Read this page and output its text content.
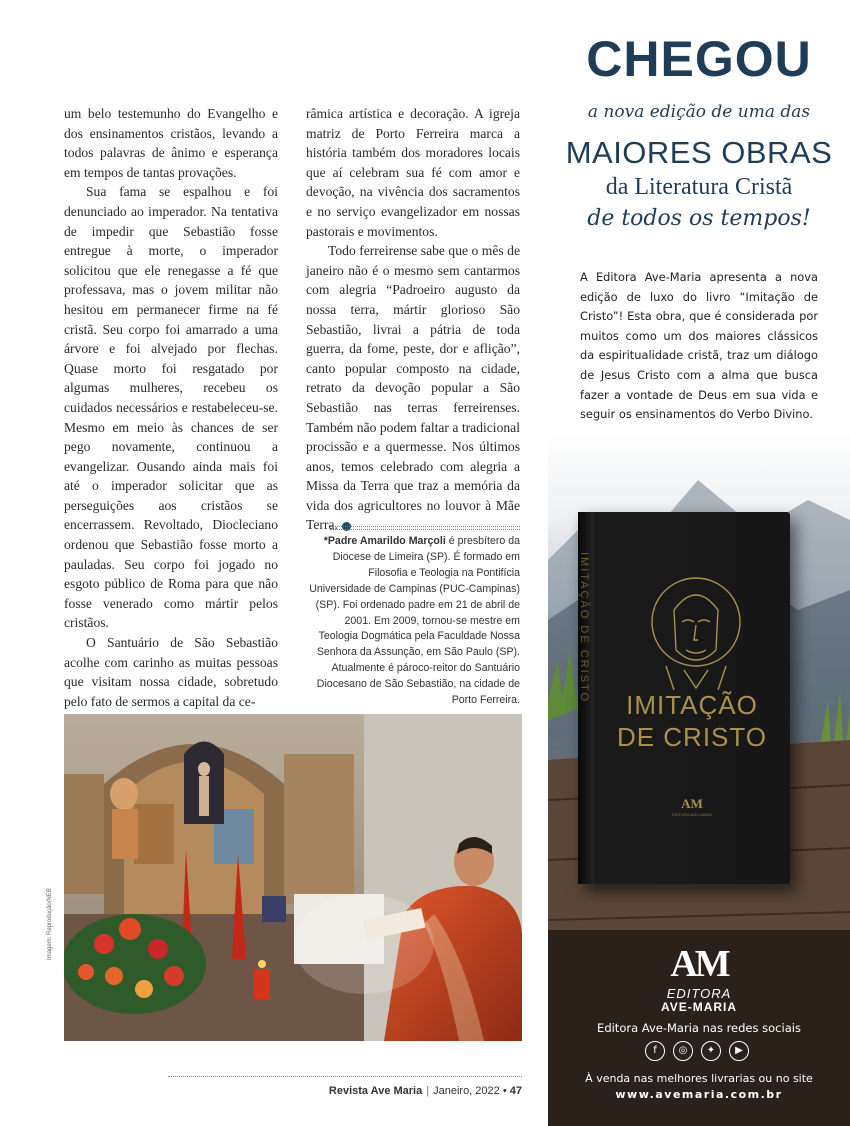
um belo testemunho do Evangelho e dos ensinamentos cristãos, levando a todos palavras de ânimo e esperança em tempos de tantas provações.

Sua fama se espalhou e foi denunciado ao imperador. Na tentativa de impedir que Sebastião fosse entregue à morte, o imperador solicitou que ele renegasse a fé que professava, mas o jovem militar não hesitou em permanecer firme na fé cristã. Seu corpo foi amarrado a uma árvore e foi alvejado por flechas. Quase morto foi resgatado por algumas mulheres, recebeu os cuidados necessários e restabeleceu-se. Mesmo em meio às chances de ser pego novamente, continuou a evangelizar. Ousando ainda mais foi até o imperador solicitar que as perseguições aos cristãos se encerrassem. Revoltado, Diocleciano ordenou que Sebastião fosse morto a pauladas. Seu corpo foi jogado no esgoto público de Roma para que não fosse venerado como mártir pelos cristãos.

O Santuário de São Sebastião acolhe com carinho as muitas pessoas que visitam nossa cidade, sobretudo pelo fato de sermos a capital da ce-

râmica artística e decoração. A igreja matriz de Porto Ferreira marca a história também dos moradores locais que aí celebram sua fé com amor e devoção, na vivência dos sacramentos e no serviço evangelizador em nossas pastorais e movimentos.

Todo ferreirense sabe que o mês de janeiro não é o mesmo sem cantarmos com alegria “Padroeiro augusto da nossa terra, mártir glorioso São Sebastião, livrai a pátria de toda guerra, da fome, peste, dor e aflição”, canto popular composto na cidade, retrato da devoção popular a São Sebastião nas terras ferreirenses. Também não podem faltar a tradicional procissão e a quermesse. Nos últimos anos, temos celebrado com alegria a Missa da Terra que traz a memória da vida dos agricultores no louvor à Mãe Terra.

*Padre Amarildo Marçoli é presbítero da Diocese de Limeira (SP). É formado em Filosofia e Teologia na Pontifícia Universidade de Campinas (PUC-Campinas) (SP). Foi ordenado padre em 21 de abril de 2001. Em 2009, tornou-se mestre em Teologia Dogmática pela Faculdade Nossa Senhora da Assunção, em São Paulo (SP). Atualmente é pároco-reitor do Santuário Diocesano de São Sebastião, na cidade de Porto Ferreira.
Imagem: Reprodução/NEB
Revista Ave Maria | Janeiro, 2022 • 47
CHEGOU
a nova edição de uma das
MAIORES OBRAS
da Literatura Cristã
de todos os tempos!
A Editora Ave-Maria apresenta a nova edição de luxo do livro “Imitação de Cristo”! Esta obra, que é considerada por muitos como um dos maiores clássicos da espiritualidade cristã, traz um diálogo de Jesus Cristo com a alma que busca fazer a vontade de Deus em sua vida e seguir os ensinamentos do Verbo Divino.
IMITAÇÃO DE CRISTO
IMITAÇÃO
DE CRISTO
AM
EDITORA AVE-MARIA
AM
EDITORA
AVE-MARIA
Editora Ave-Maria nas redes sociais
f	◎	✦	▶
À venda nas melhores livrarias ou no site
www.avemaria.com.br
